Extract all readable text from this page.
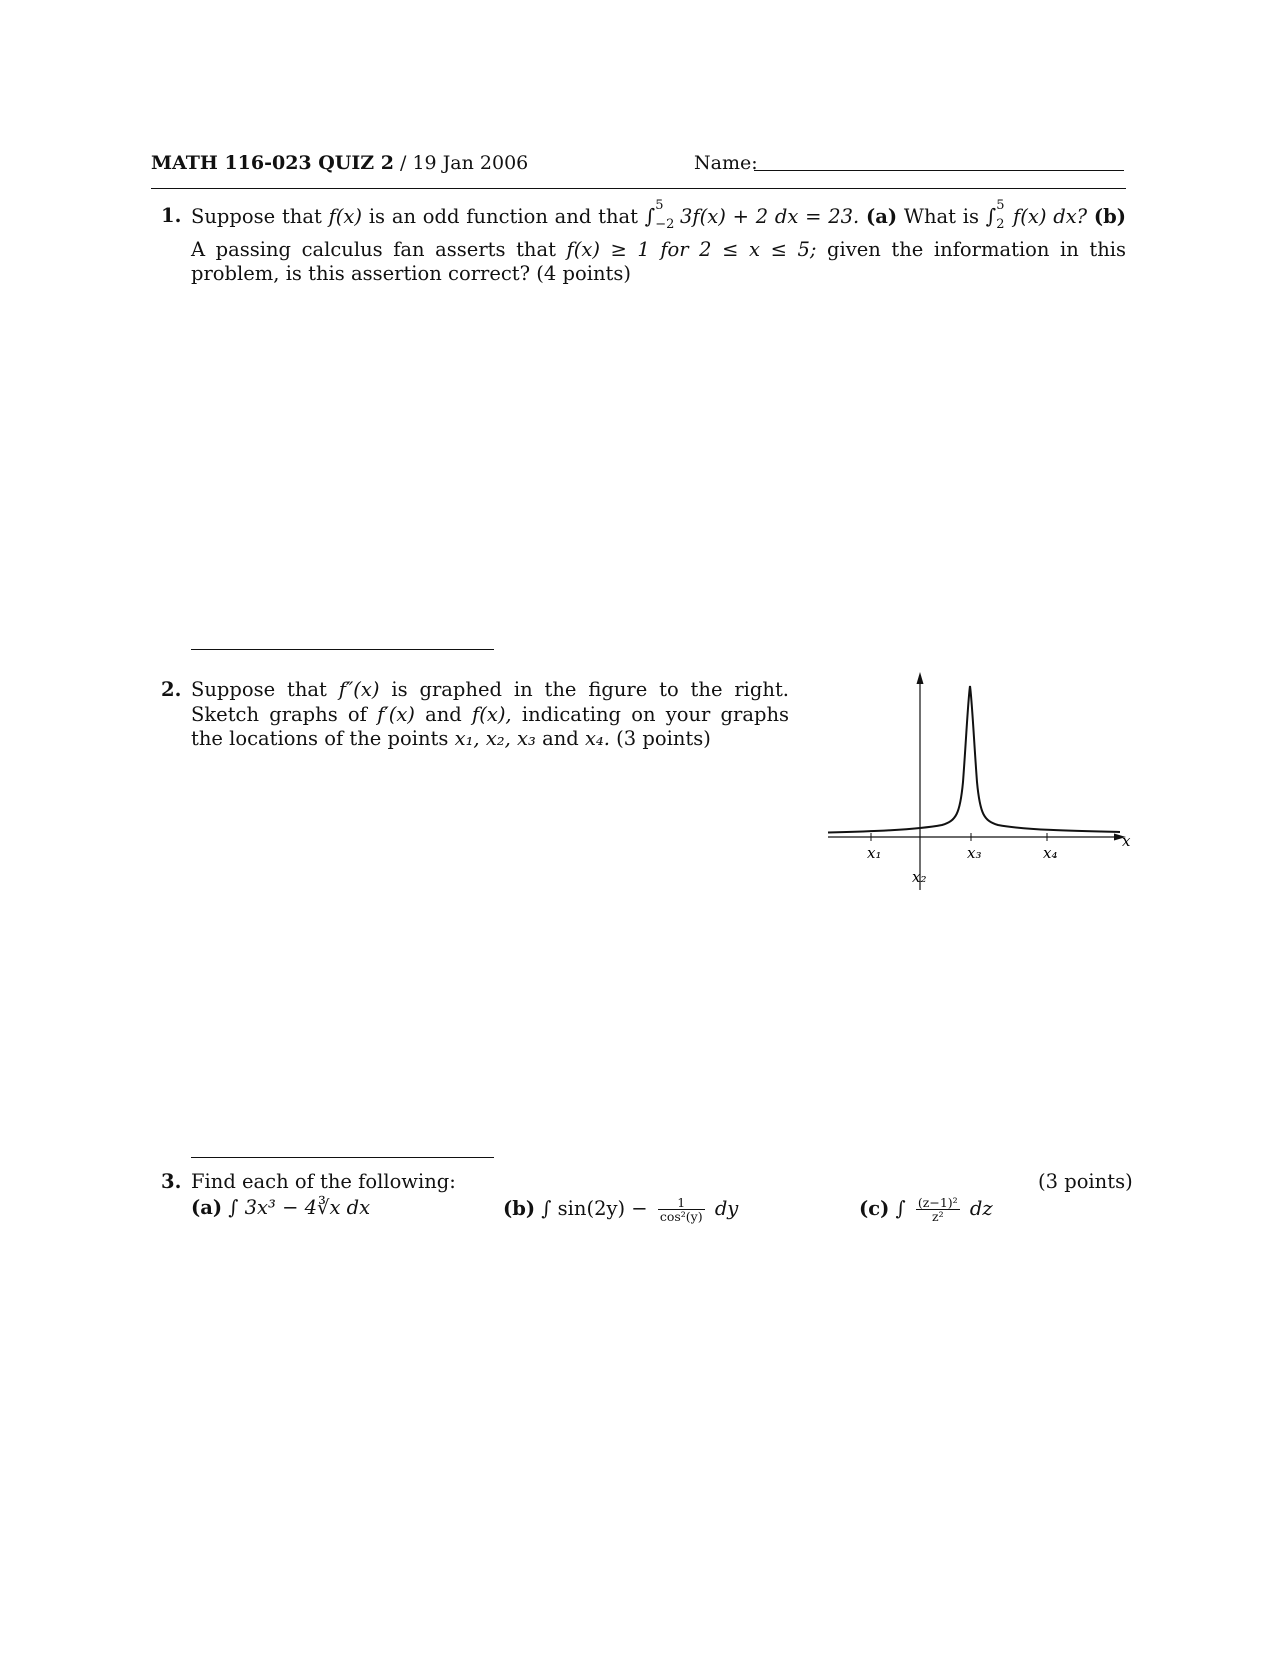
MATH 116-023 QUIZ 2 / 19 Jan 2006	Name:
1. Suppose that f(x) is an odd function and that ∫ 5
−2 3f(x) + 2 dx = 23. (a) What is ∫ 5
2 f(x) dx? (b) A passing calculus fan asserts that f(x) ≥ 1 for 2 ≤ x ≤ 5; given the information in this problem, is this assertion correct? (4 points)
2. Suppose that f″(x) is graphed in the figure to the right. Sketch graphs of f′(x) and f(x), indicating on your graphs the locations of the points x₁, x₂, x₃ and x₄. (3 points)
x₁
x₂
x₃	x₄
x
3. Find each of the following:	(3 points)
(a) ∫ 3x³ − 4∛x dx	(b) ∫ $\sin(2y) - \frac{1}{\text{cos²(y)}}$ dy	(c) ∫ $\frac{\text{(z−1)²}}{\text{z²}}$ dz
